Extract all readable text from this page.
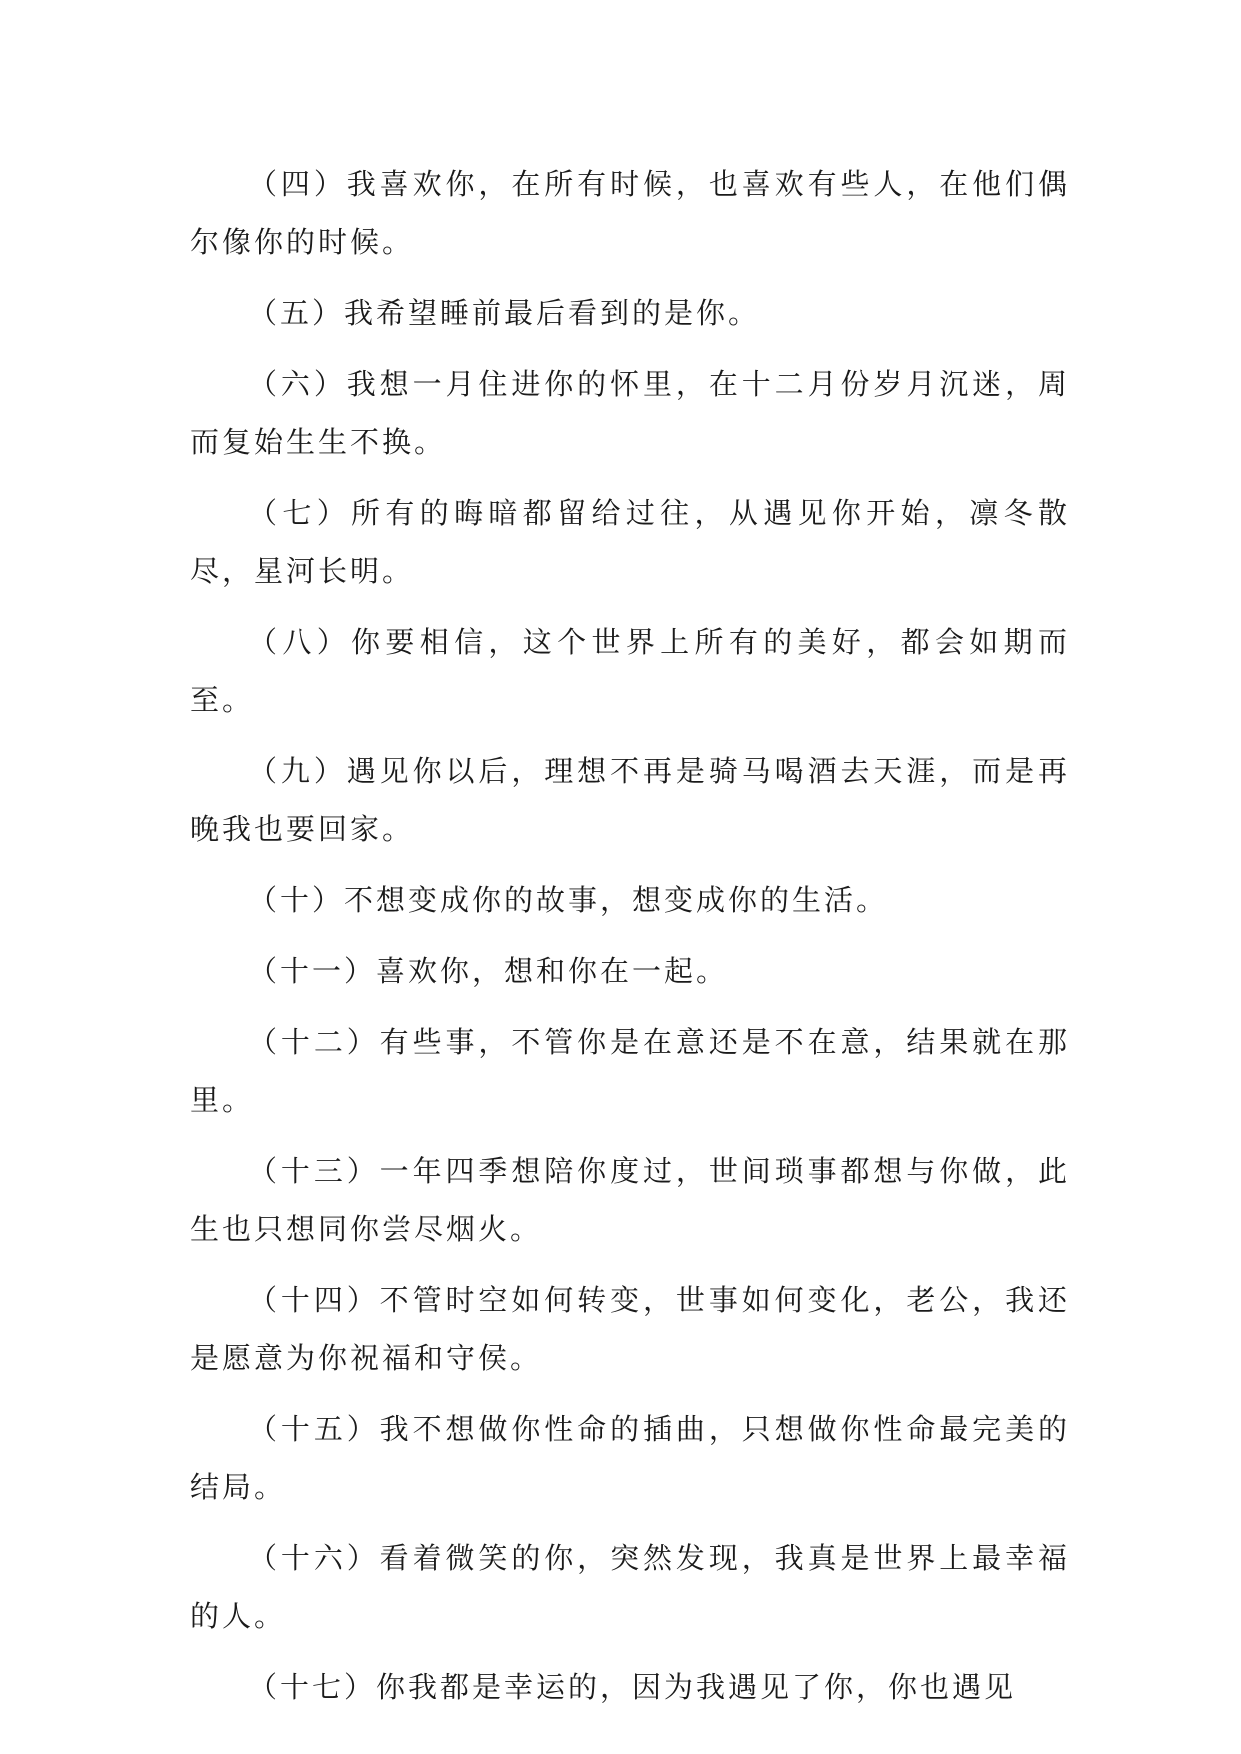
（四）我喜欢你，在所有时候，也喜欢有些人，在他们偶尔像你的时候。

（五）我希望睡前最后看到的是你。

（六）我想一月住进你的怀里，在十二月份岁月沉迷，周而复始生生不换。

（七）所有的晦暗都留给过往，从遇见你开始，凛冬散尽，星河长明。

（八）你要相信，这个世界上所有的美好，都会如期而至。

（九）遇见你以后，理想不再是骑马喝酒去天涯，而是再晚我也要回家。

（十）不想变成你的故事，想变成你的生活。

（十一）喜欢你，想和你在一起。

（十二）有些事，不管你是在意还是不在意，结果就在那里。

（十三）一年四季想陪你度过，世间琐事都想与你做，此生也只想同你尝尽烟火。

（十四）不管时空如何转变，世事如何变化，老公，我还是愿意为你祝福和守侯。

（十五）我不想做你性命的插曲，只想做你性命最完美的结局。

（十六）看着微笑的你，突然发现，我真是世界上最幸福的人。

（十七）你我都是幸运的，因为我遇见了你，你也遇见
